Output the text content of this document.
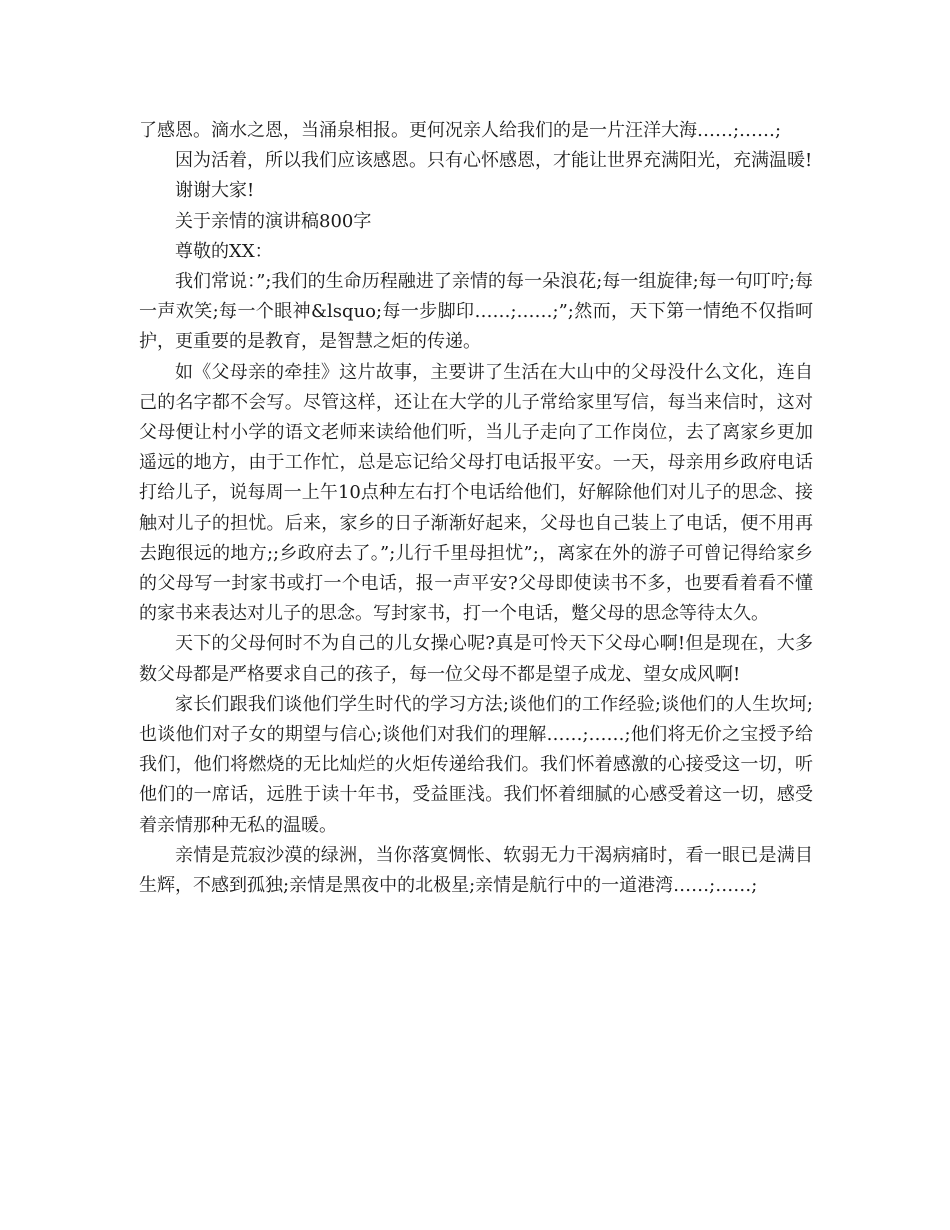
了感恩。滴水之恩，当涌泉相报。更何况亲人给我们的是一片汪洋大海……;……;

因为活着，所以我们应该感恩。只有心怀感恩，才能让世界充满阳光，充满温暖!

谢谢大家!

关于亲情的演讲稿800字

尊敬的XX：

我们常说：”;我们的生命历程融进了亲情的每一朵浪花;每一组旋律;每一句叮咛;每一声欢笑;每一个眼神&lsquo;每一步脚印……;……;”;然而，天下第一情绝不仅指呵护，更重要的是教育，是智慧之炬的传递。

如《父母亲的牵挂》这片故事，主要讲了生活在大山中的父母没什么文化，连自己的名字都不会写。尽管这样，还让在大学的儿子常给家里写信，每当来信时，这对父母便让村小学的语文老师来读给他们听，当儿子走向了工作岗位，去了离家乡更加遥远的地方，由于工作忙，总是忘记给父母打电话报平安。一天，母亲用乡政府电话打给儿子，说每周一上午10点种左右打个电话给他们，好解除他们对儿子的思念、接触对儿子的担忧。后来，家乡的日子渐渐好起来，父母也自己装上了电话，便不用再去跑很远的地方;;乡政府去了。”;儿行千里母担忧”;，离家在外的游子可曾记得给家乡的父母写一封家书或打一个电话，报一声平安?父母即使读书不多，也要看着看不懂的家书来表达对儿子的思念。写封家书，打一个电话，蹩父母的思念等待太久。

天下的父母何时不为自己的儿女操心呢?真是可怜天下父母心啊!但是现在，大多数父母都是严格要求自己的孩子，每一位父母不都是望子成龙、望女成风啊!

家长们跟我们谈他们学生时代的学习方法;谈他们的工作经验;谈他们的人生坎坷;也谈他们对子女的期望与信心;谈他们对我们的理解……;……;他们将无价之宝授予给我们，他们将燃烧的无比灿烂的火炬传递给我们。我们怀着感激的心接受这一切，听他们的一席话，远胜于读十年书，受益匪浅。我们怀着细腻的心感受着这一切，感受着亲情那种无私的温暖。

亲情是荒寂沙漠的绿洲，当你落寞惆怅、软弱无力干渴病痛时，看一眼已是满目生辉，不感到孤独;亲情是黑夜中的北极星;亲情是航行中的一道港湾……;……;
